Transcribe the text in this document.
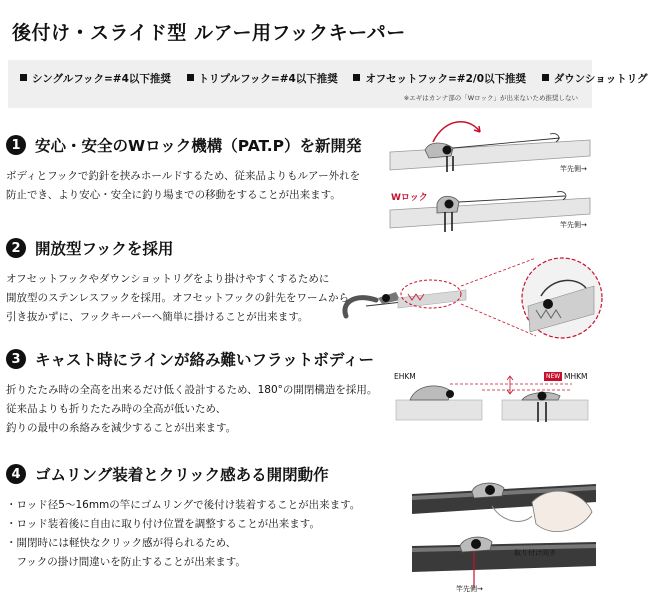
後付け・スライド型 ルアー用フックキーパー
シングルフック=#4以下推奨	トリプルフック=#4以下推奨	オフセットフック=#2/0以下推奨	ダウンショットリグ
※エギはカンナ部の「Wロック」が出来ないため推奨しない
1 安心・安全のWロック機構（PAT.P）を新開発
ボディとフックで釣針を挟みホールドするため、従来品よりもルアー外れを
防止でき、より安心・安全に釣り場までの移動をすることが出来ます。
竿先側→
Wロック
竿先側→
2 開放型フックを採用
オフセットフックやダウンショットリグをより掛けやすくするために
開放型のステンレスフックを採用。オフセットフックの針先をワームから
引き抜かずに、フックキーパーへ簡単に掛けることが出来ます。
3 キャスト時にラインが絡み難いフラットボディー
折りたたみ時の全高を出来るだけ低く設計するため、180°の開閉構造を採用。
従来品よりも折りたたみ時の全高が低いため、
釣りの最中の糸絡みを減少することが出来ます。
EHKM	NEW MHKM
4 ゴムリング装着とクリック感ある開閉動作
・ロッド径5～16mmの竿にゴムリングで後付け装着することが出来ます。
・ロッド装着後に自由に取り付け位置を調整することが出来ます。
・開閉時には軽快なクリック感が得られるため、
　フックの掛け間違いを防止することが出来ます。
取り付け向き
竿先側→
